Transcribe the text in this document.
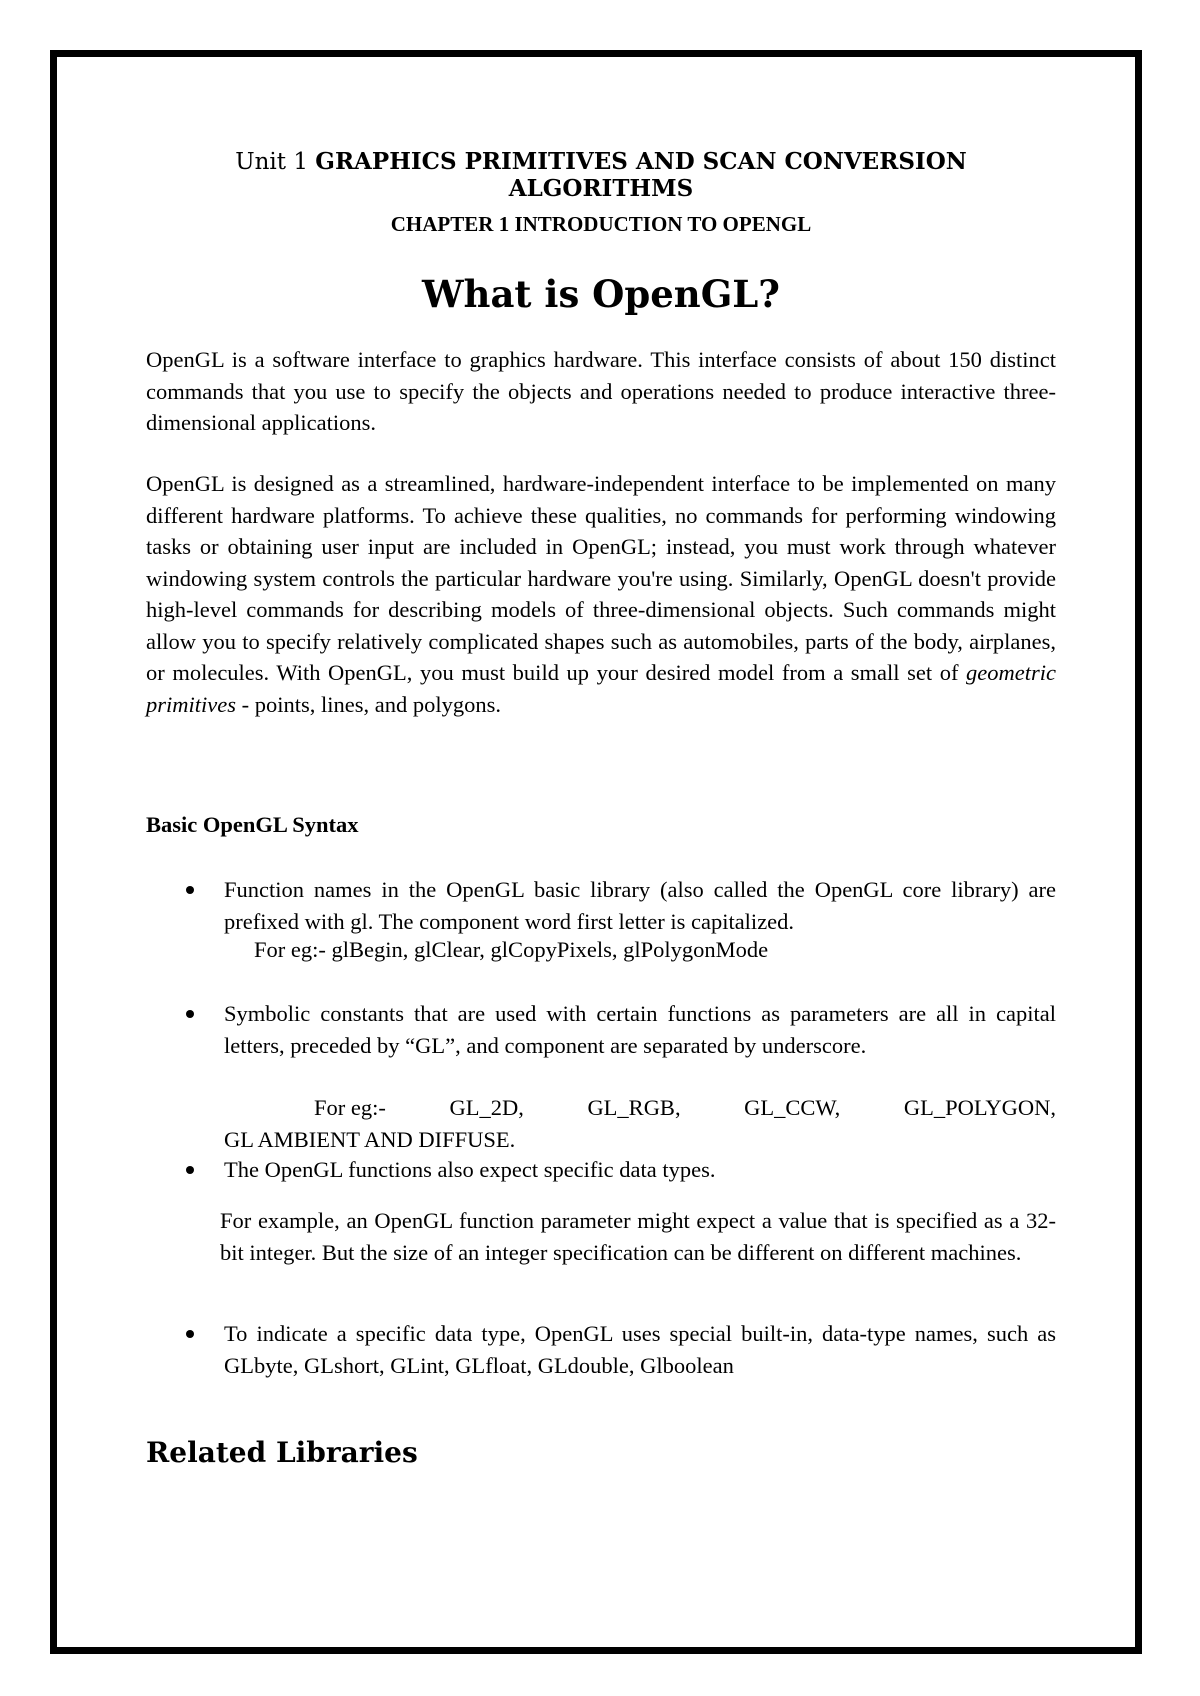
Unit 1 GRAPHICS PRIMITIVES AND SCAN CONVERSION ALGORITHMS
CHAPTER 1 INTRODUCTION TO OPENGL
What is OpenGL?
OpenGL is a software interface to graphics hardware. This interface consists of about 150 distinct commands that you use to specify the objects and operations needed to produce interactive three-dimensional applications.
OpenGL is designed as a streamlined, hardware-independent interface to be implemented on many different hardware platforms. To achieve these qualities, no commands for performing windowing tasks or obtaining user input are included in OpenGL; instead, you must work through whatever windowing system controls the particular hardware you're using. Similarly, OpenGL doesn't provide high-level commands for describing models of three-dimensional objects. Such commands might allow you to specify relatively complicated shapes such as automobiles, parts of the body, airplanes, or molecules. With OpenGL, you must build up your desired model from a small set of geometric primitives - points, lines, and polygons.
Basic OpenGL Syntax
Function names in the OpenGL basic library (also called the OpenGL core library) are prefixed with gl. The component word first letter is capitalized.
For eg:- glBegin, glClear, glCopyPixels, glPolygonMode
Symbolic constants that are used with certain functions as parameters are all in capital letters, preceded by “GL”, and component are separated by underscore.
For eg:-	GL_2D,	GL_RGB,	GL_CCW,	GL_POLYGON,
GL AMBIENT AND DIFFUSE.
The OpenGL functions also expect specific data types.
For example, an OpenGL function parameter might expect a value that is specified as a 32-bit integer. But the size of an integer specification can be different on different machines.
To indicate a specific data type, OpenGL uses special built-in, data-type names, such as GLbyte, GLshort, GLint, GLfloat, GLdouble, Glboolean
Related Libraries
